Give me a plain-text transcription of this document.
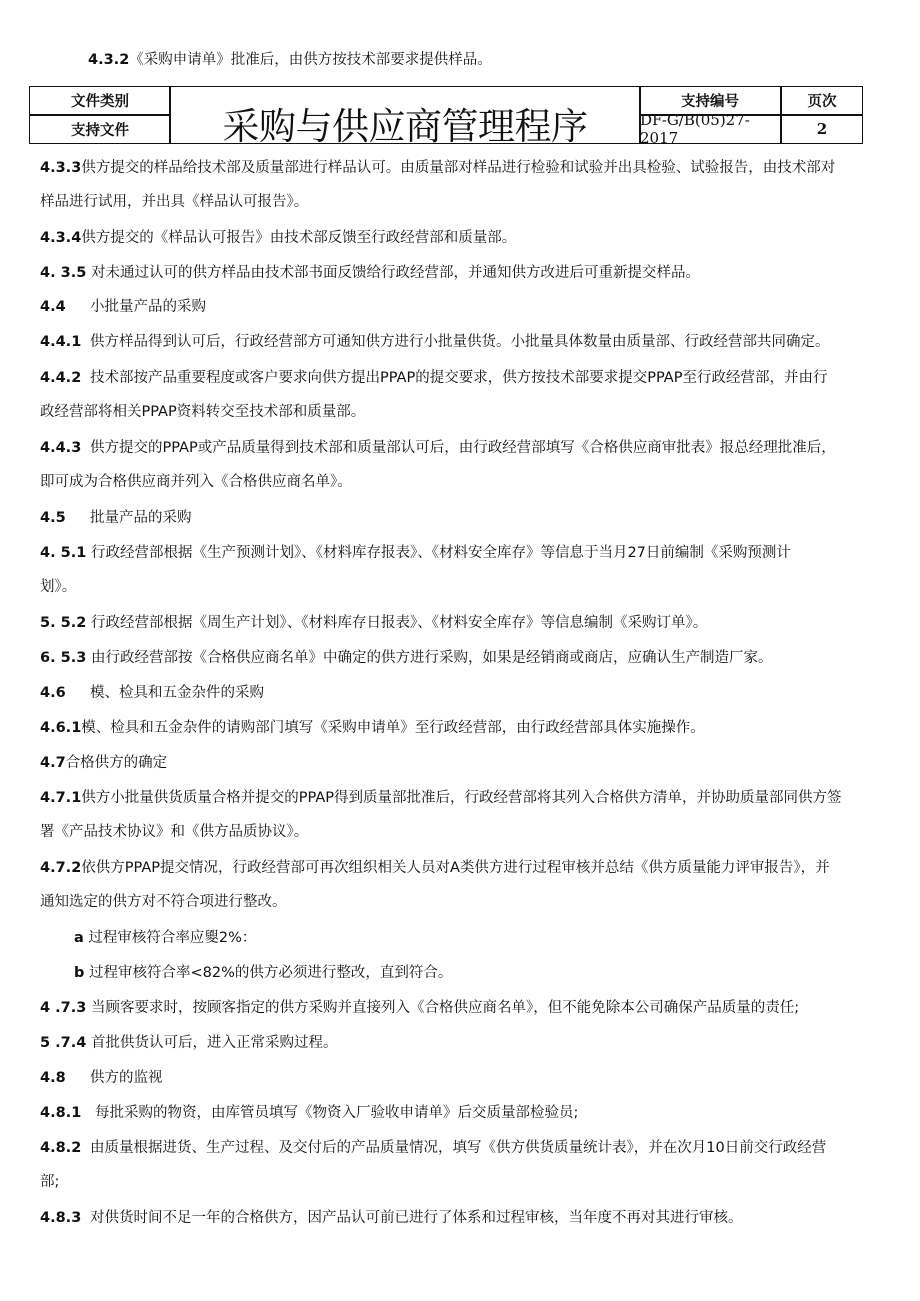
4.3.2《采购申请单》批准后，由供方按技术部要求提供样品。
文件类别
支持文件	采购与供应商管理程序
支持编号
DF-G/B(05)27-2017
页次
2
4.3.3供方提交的样品给技术部及质量部进行样品认可。由质量部对样品进行检验和试验并出具检验、试验报告，由技术部对
样品进行试用，并出具《样品认可报告》。
4.3.4供方提交的《样品认可报告》由技术部反馈至行政经营部和质量部。
4. 3.5 对未通过认可的供方样品由技术部书面反馈给行政经营部，并通知供方改进后可重新提交样品。
4.4 小批量产品的采购
4.4.1 供方样品得到认可后，行政经营部方可通知供方进行小批量供货。小批量具体数量由质量部、行政经营部共同确定。
4.4.2 技术部按产品重要程度或客户要求向供方提出PPAP的提交要求，供方按技术部要求提交PPAP至行政经营部，并由行
政经营部将相关PPAP资料转交至技术部和质量部。
4.4.3 供方提交的PPAP或产品质量得到技术部和质量部认可后，由行政经营部填写《合格供应商审批表》报总经理批准后，
即可成为合格供应商并列入《合格供应商名单》。
4.5 批量产品的采购
4. 5.1 行政经营部根据《生产预测计划》、《材料库存报表》、《材料安全库存》等信息于当月27日前编制《采购预测计
划》。
5. 5.2 行政经营部根据《周生产计划》、《材料库存日报表》、《材料安全库存》等信息编制《采购订单》。
6. 5.3 由行政经营部按《合格供应商名单》中确定的供方进行采购，如果是经销商或商店，应确认生产制造厂家。
4.6 模、检具和五金杂件的采购
4.6.1模、检具和五金杂件的请购部门填写《采购申请单》至行政经营部，由行政经营部具体实施操作。
4.7合格供方的确定
4.7.1供方小批量供货质量合格并提交的PPAP得到质量部批准后，行政经营部将其列入合格供方清单，并协助质量部同供方签
署《产品技术协议》和《供方品质协议》。
4.7.2依供方PPAP提交情况，行政经营部可再次组织相关人员对A类供方进行过程审核并总结《供方质量能力评审报告》，并
通知选定的供方对不符合项进行整改。
a 过程审核符合率应夓2%：
b 过程审核符合率<82%的供方必须进行整改，直到符合。
4 .7.3 当顾客要求时，按顾客指定的供方采购并直接列入《合格供应商名单》，但不能免除本公司确保产品质量的责任;
5 .7.4 首批供货认可后，进入正常采购过程。
4.8 供方的监视
4.8.1 每批采购的物资，由库管员填写《物资入厂验收申请单》后交质量部检验员;
4.8.2 由质量根据进货、生产过程、及交付后的产品质量情况，填写《供方供货质量统计表》，并在次月10日前交行政经营
部;
4.8.3 对供货时间不足一年的合格供方，因产品认可前已进行了体系和过程审核，当年度不再对其进行审核。
